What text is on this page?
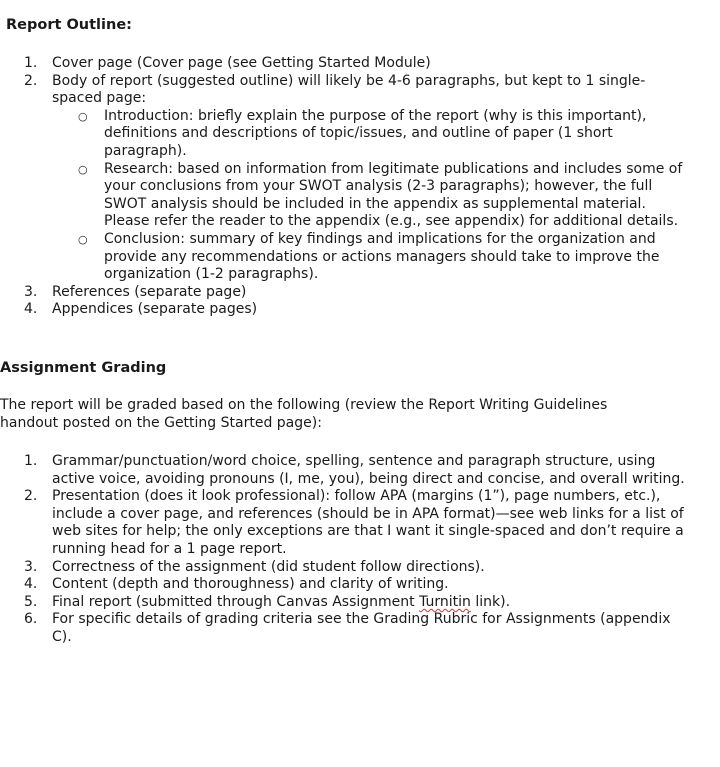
Report Outline:
1. Cover page (Cover page (see Getting Started Module)
2. Body of report (suggested outline) will likely be 4-6 paragraphs, but kept to 1 single-spaced page:
○ Introduction: briefly explain the purpose of the report (why is this important), definitions and descriptions of topic/issues, and outline of paper (1 short paragraph).
○ Research: based on information from legitimate publications and includes some of your conclusions from your SWOT analysis (2-3 paragraphs); however, the full SWOT analysis should be included in the appendix as supplemental material. Please refer the reader to the appendix (e.g., see appendix) for additional details.
○ Conclusion: summary of key findings and implications for the organization and provide any recommendations or actions managers should take to improve the organization (1-2 paragraphs).
3. References (separate page)
4. Appendices (separate pages)
Assignment Grading

The report will be graded based on the following (review the Report Writing Guidelines handout posted on the Getting Started page):

1. Grammar/punctuation/word choice, spelling, sentence and paragraph structure, using active voice, avoiding pronouns (I, me, you), being direct and concise, and overall writing.
2. Presentation (does it look professional): follow APA (margins (1”), page numbers, etc.), include a cover page, and references (should be in APA format)—see web links for a list of web sites for help; the only exceptions are that I want it single-spaced and don’t require a running head for a 1 page report.
3. Correctness of the assignment (did student follow directions).
4. Content (depth and thoroughness) and clarity of writing.
5. Final report (submitted through Canvas Assignment Turnitin link).
6. For specific details of grading criteria see the Grading Rubric for Assignments (appendix C).
